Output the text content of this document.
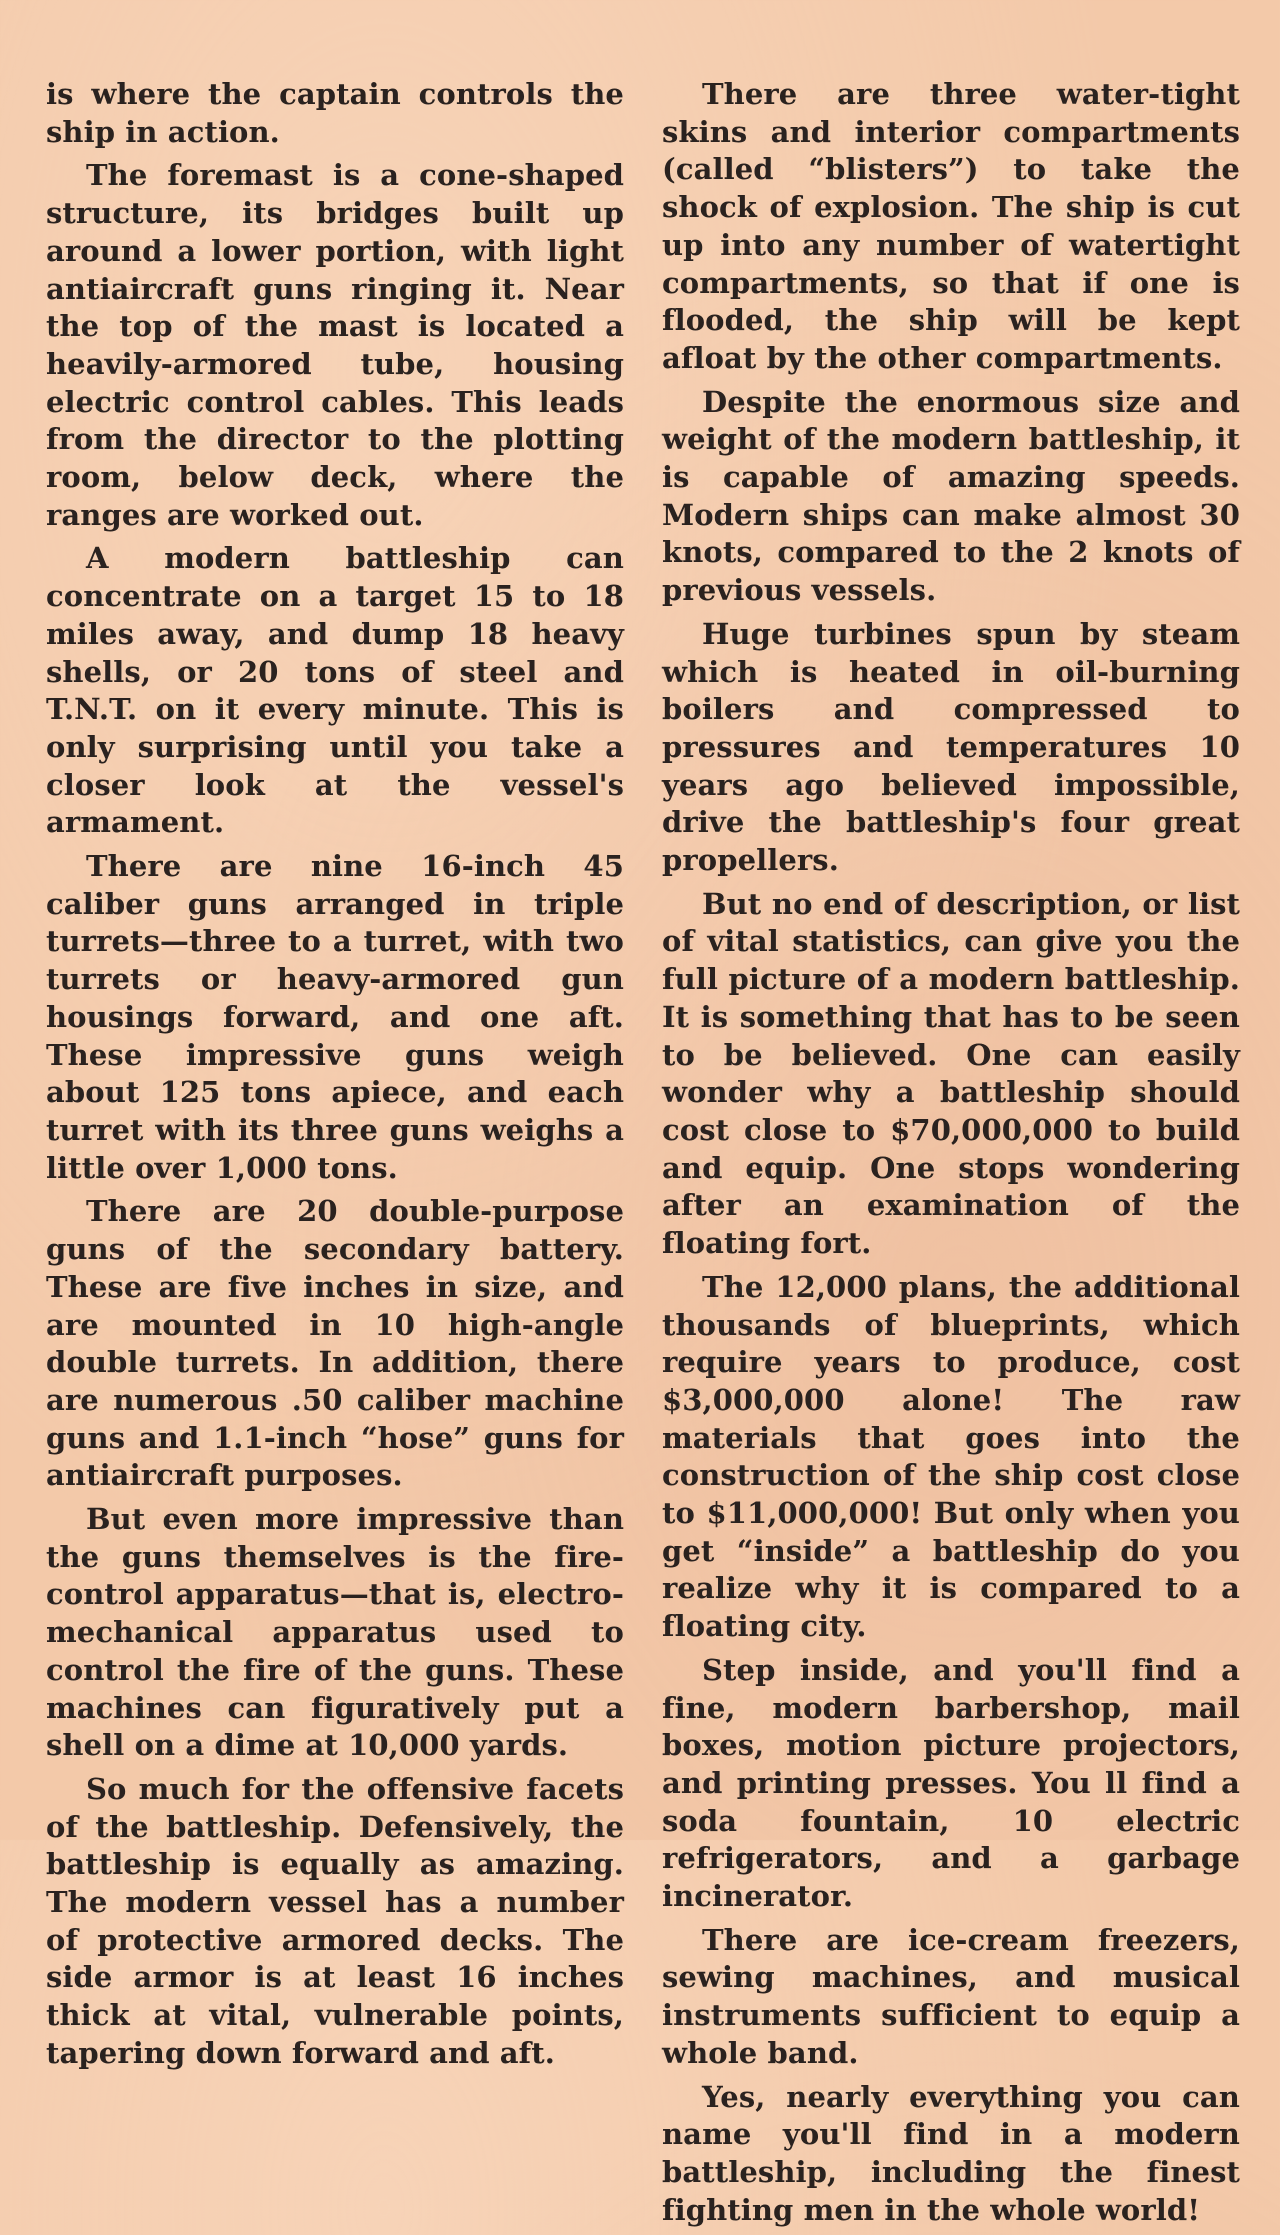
is where the captain controls the ship in action.

The foremast is a cone-shaped structure, its bridges built up around a lower portion, with light antiaircraft guns ringing it. Near the top of the mast is located a heavily-armored tube, housing electric control cables. This leads from the director to the plotting room, below deck, where the ranges are worked out.

A modern battleship can concentrate on a target 15 to 18 miles away, and dump 18 heavy shells, or 20 tons of steel and T.N.T. on it every minute. This is only surprising until you take a closer look at the vessel's armament.

There are nine 16-inch 45 caliber guns arranged in triple turrets—three to a turret, with two turrets or heavy-armored gun housings forward, and one aft. These impressive guns weigh about 125 tons apiece, and each turret with its three guns weighs a little over 1,000 tons.

There are 20 double-purpose guns of the secondary battery. These are five inches in size, and are mounted in 10 high-angle double turrets. In addition, there are numerous .50 caliber machine guns and 1.1-inch “hose” guns for antiaircraft purposes.

But even more impressive than the guns themselves is the fire-control apparatus—that is, electro-mechanical apparatus used to control the fire of the guns. These machines can figuratively put a shell on a dime at 10,000 yards.

So much for the offensive facets of the battleship. Defensively, the battleship is equally as amazing. The modern vessel has a number of protective armored decks. The side armor is at least 16 inches thick at vital, vulnerable points, tapering down forward and aft.

There are three water-tight skins and interior compartments (called “blisters”) to take the shock of explosion. The ship is cut up into any number of watertight compartments, so that if one is flooded, the ship will be kept afloat by the other compartments.

Despite the enormous size and weight of the modern battleship, it is capable of amazing speeds. Modern ships can make almost 30 knots, compared to the 2 knots of previous vessels.

Huge turbines spun by steam which is heated in oil-burning boilers and compressed to pressures and temperatures 10 years ago believed impossible, drive the battleship's four great propellers.

But no end of description, or list of vital statistics, can give you the full picture of a modern battleship. It is something that has to be seen to be believed. One can easily wonder why a battleship should cost close to $70,000,000 to build and equip. One stops wondering after an examination of the floating fort.

The 12,000 plans, the additional thousands of blueprints, which require years to produce, cost $3,000,000 alone! The raw materials that goes into the construction of the ship cost close to $11,000,000! But only when you get “inside” a battleship do you realize why it is compared to a floating city.

Step inside, and you'll find a fine, modern barbershop, mail boxes, motion picture projectors, and printing presses. You ll find a soda fountain, 10 electric refrigerators, and a garbage incinerator.

There are ice-cream freezers, sewing machines, and musical instruments sufficient to equip a whole band.

Yes, nearly everything you can name you'll find in a modern battleship, including the finest fighting men in the whole world!
